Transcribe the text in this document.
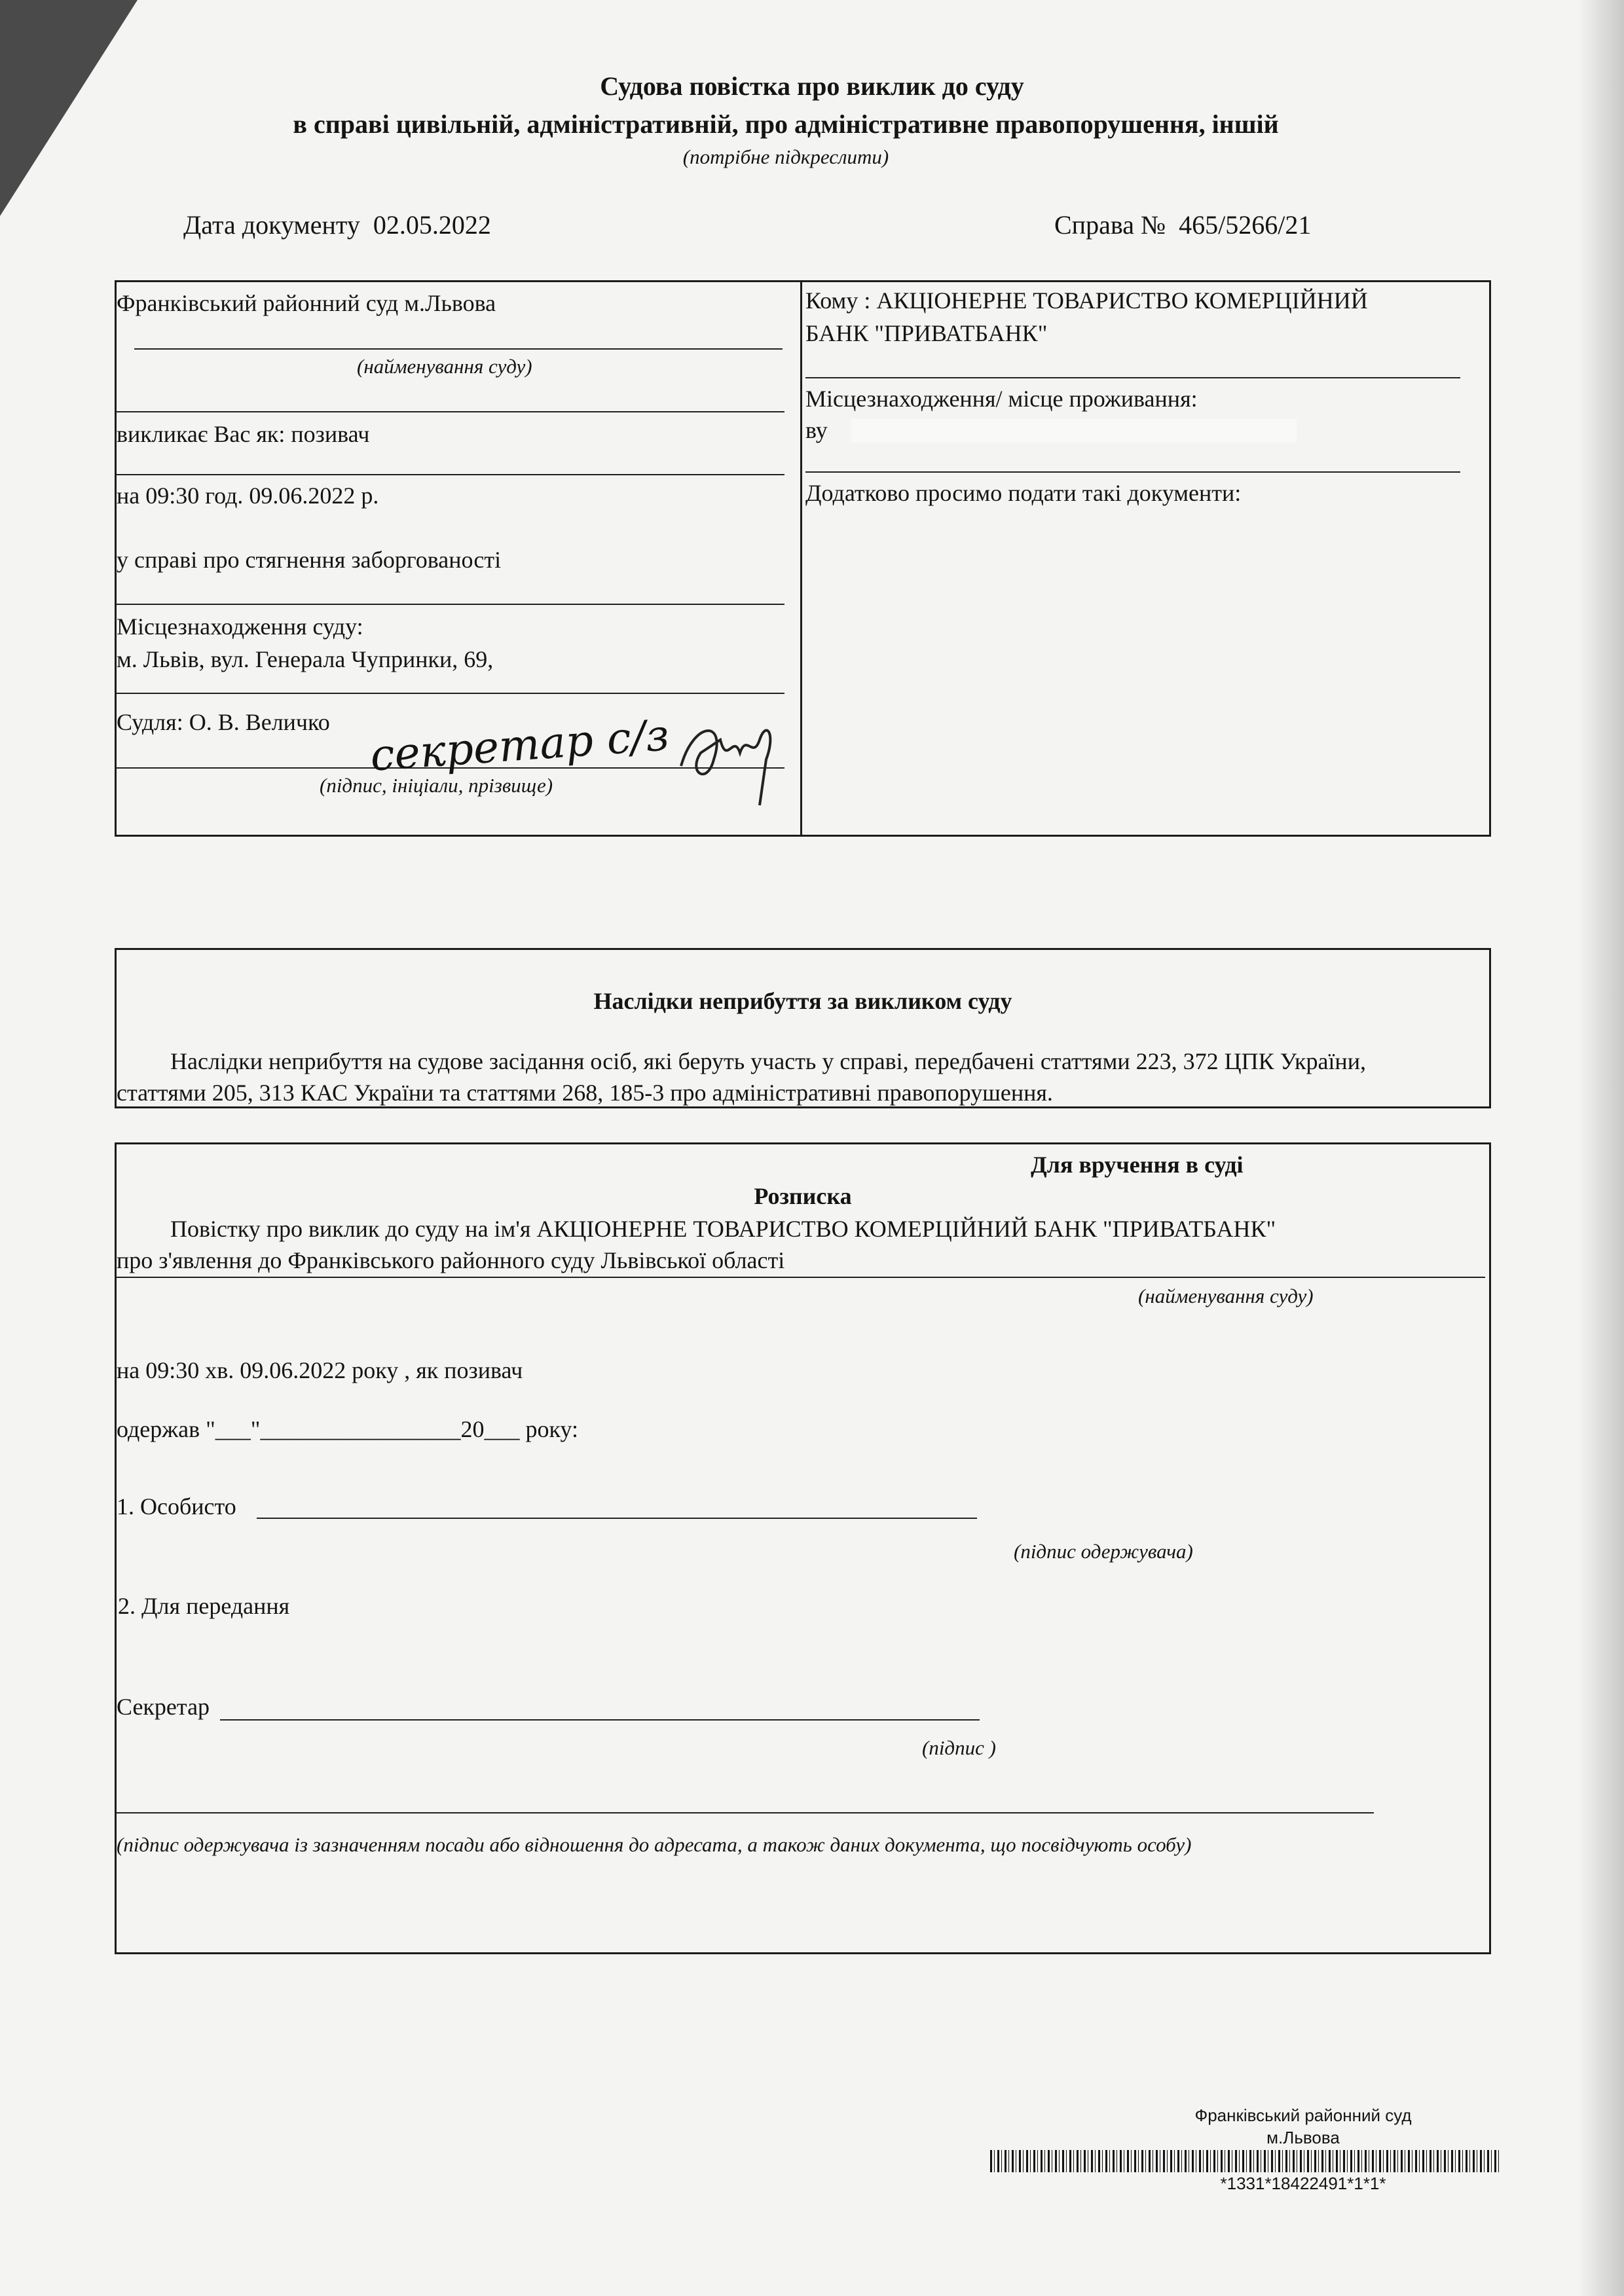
Судова повістка про виклик до суду
в справі цивільній, адміністративній, про адміністративне правопорушення, іншій
(потрібне підкреслити)
Дата документу 02.05.2022	Справа № 465/5266/21
Франківський районний суд м.Львова
(найменування суду)
викликає Вас як: позивач
на 09:30 год. 09.06.2022 р.
у справі про стягнення заборгованості
Місцезнаходження суду:
м. Львів, вул. Генерала Чупринки, 69,
Судля: О. В. Величко
(підпис, ініціали, прізвище)
секретар с/з
Кому : АКЦІОНЕРНЕ ТОВАРИСТВО КОМЕРЦІЙНИЙ
БАНК "ПРИВАТБАНК"
Місцезнаходження/ місце проживання:
ву
Додатково просимо подати такі документи:
Наслідки неприбуття за викликом суду
Наслідки неприбуття на судове засідання осіб, які беруть участь у справі, передбачені статтями 223, 372 ЦПК України,
статтями 205, 313 КАС України та статтями 268, 185-3 про адміністративні правопорушення.
Для вручення в суді
Розписка
Повістку про виклик до суду на ім'я АКЦІОНЕРНЕ ТОВАРИСТВО КОМЕРЦІЙНИЙ БАНК "ПРИВАТБАНК"
про з'явлення до Франківського районного суду Львівської області
(найменування суду)
на 09:30 хв. 09.06.2022 року , як позивач
одержав "___"_________________20___ року:
1. Особисто
(підпис одержувача)
2. Для передання
Секретар
(підпис )
(підпис одержувача із зазначенням посади або відношення до адресата, а також даних документа, що посвідчують особу)
Франківський районний суд
м.Львова
*1331*18422491*1*1*
